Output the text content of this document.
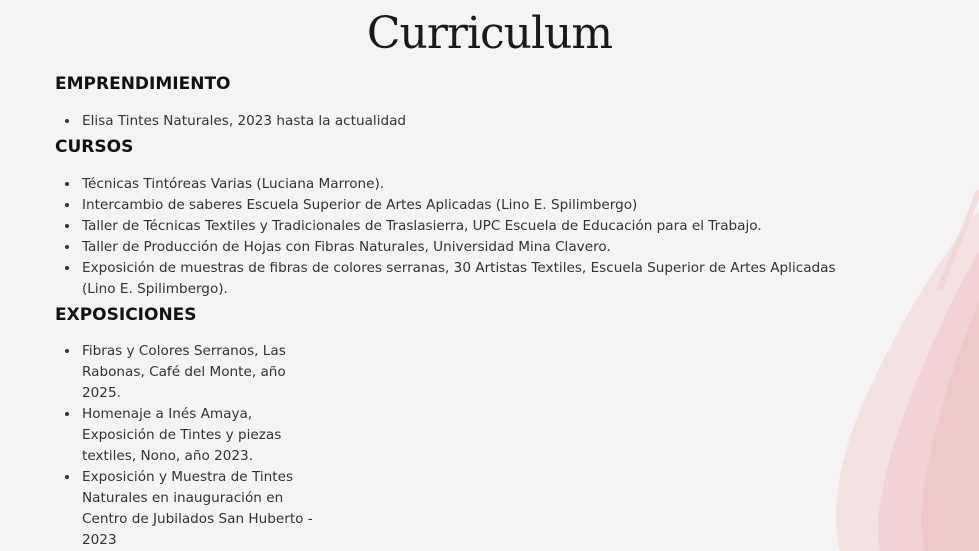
Curriculum
EMPRENDIMIENTO
• Elisa Tintes Naturales, 2023 hasta la actualidad
CURSOS
• Técnicas Tintóreas Varias (Luciana Marrone).
• Intercambio de saberes Escuela Superior de Artes Aplicadas (Lino E. Spilimbergo)
• Taller de Técnicas Textiles y Tradicionales de Traslasierra, UPC Escuela de Educación para el Trabajo.
• Taller de Producción de Hojas con Fibras Naturales, Universidad Mina Clavero.
• Exposición de muestras de fibras de colores serranas, 30 Artistas Textiles, Escuela Superior de Artes Aplicadas (Lino E. Spilimbergo).
EXPOSICIONES
• Fibras y Colores Serranos, Las Rabonas, Café del Monte, año 2025.
• Homenaje a Inés Amaya, Exposición de Tintes y piezas textiles, Nono, año 2023.
• Exposición y Muestra de Tintes Naturales en inauguración en Centro de Jubilados San Huberto - 2023
